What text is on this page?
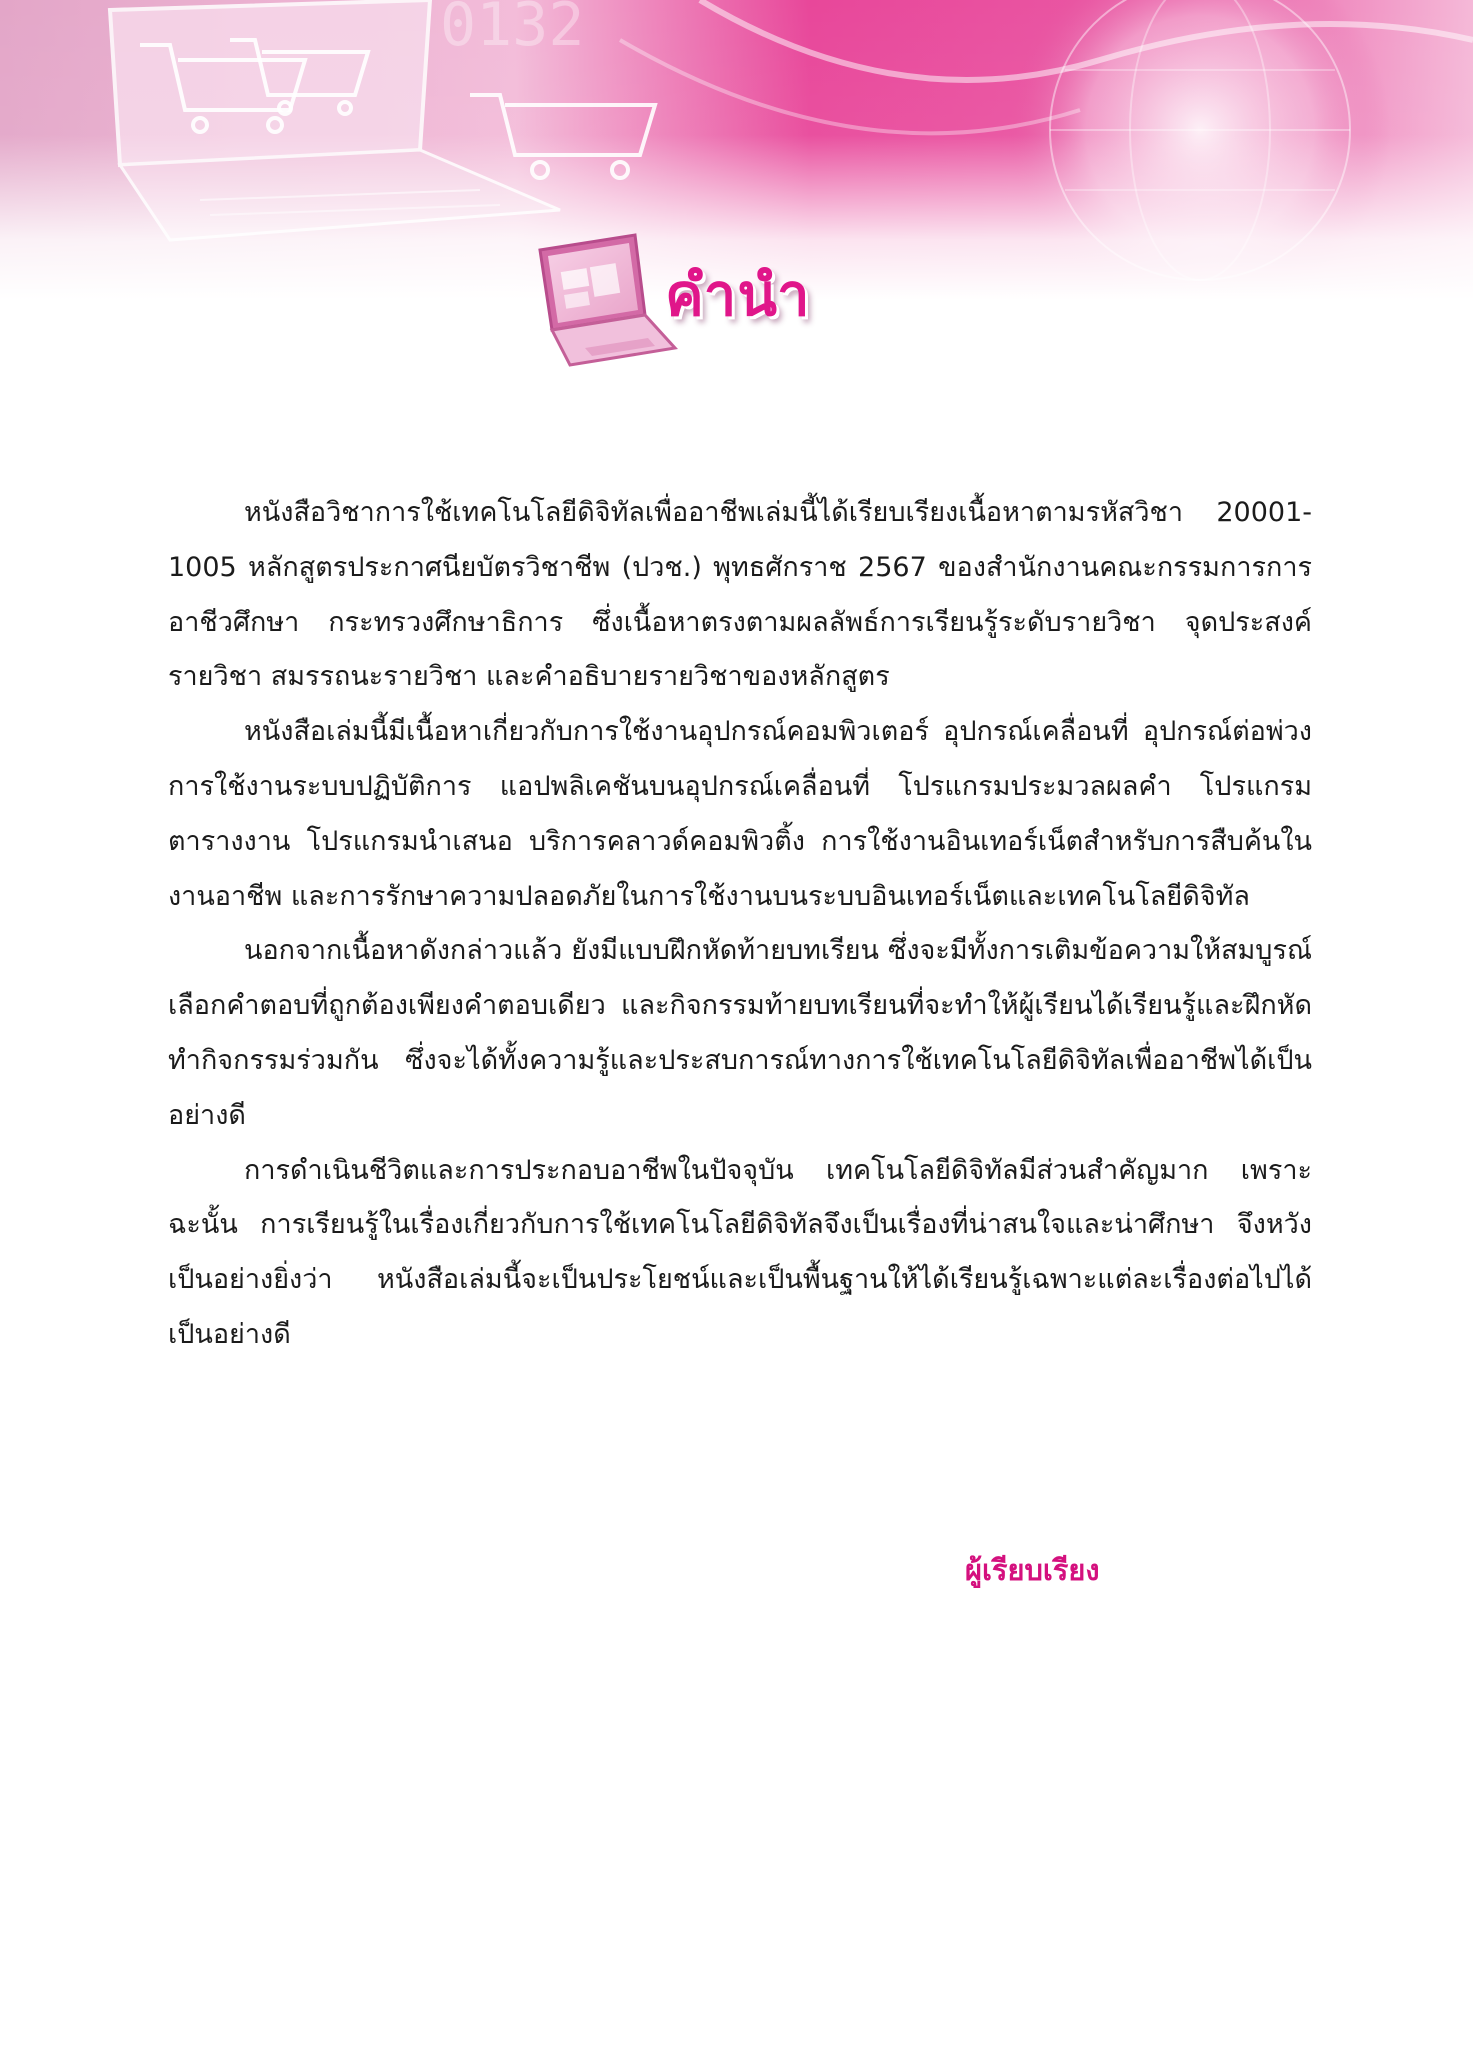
คำนำ

หนังสือวิชาการใช้เทคโนโลยีดิจิทัลเพื่ออาชีพเล่มนี้ได้เรียบเรียงเนื้อหาตามรหัสวิชา 20001-1005 หลักสูตรประกาศนียบัตรวิชาชีพ (ปวช.) พุทธศักราช 2567 ของสำนักงานคณะกรรมการการอาชีวศึกษา กระทรวงศึกษาธิการ ซึ่งเนื้อหาตรงตามผลลัพธ์การเรียนรู้ระดับรายวิชา จุดประสงค์รายวิชา สมรรถนะรายวิชา และคำอธิบายรายวิชาของหลักสูตร

หนังสือเล่มนี้มีเนื้อหาเกี่ยวกับการใช้งานอุปกรณ์คอมพิวเตอร์ อุปกรณ์เคลื่อนที่ อุปกรณ์ต่อพ่วง การใช้งานระบบปฏิบัติการ แอปพลิเคชันบนอุปกรณ์เคลื่อนที่ โปรแกรมประมวลผลคำ โปรแกรมตารางงาน โปรแกรมนำเสนอ บริการคลาวด์คอมพิวติ้ง การใช้งานอินเทอร์เน็ตสำหรับการสืบค้นในงานอาชีพ และการรักษาความปลอดภัยในการใช้งานบนระบบอินเทอร์เน็ตและเทคโนโลยีดิจิทัล

นอกจากเนื้อหาดังกล่าวแล้ว ยังมีแบบฝึกหัดท้ายบทเรียน ซึ่งจะมีทั้งการเติมข้อความให้สมบูรณ์ เลือกคำตอบที่ถูกต้องเพียงคำตอบเดียว และกิจกรรมท้ายบทเรียนที่จะทำให้ผู้เรียนได้เรียนรู้และฝึกหัดทำกิจกรรมร่วมกัน ซึ่งจะได้ทั้งความรู้และประสบการณ์ทางการใช้เทคโนโลยีดิจิทัลเพื่ออาชีพได้เป็นอย่างดี

การดำเนินชีวิตและการประกอบอาชีพในปัจจุบัน เทคโนโลยีดิจิทัลมีส่วนสำคัญมาก เพราะฉะนั้น การเรียนรู้ในเรื่องเกี่ยวกับการใช้เทคโนโลยีดิจิทัลจึงเป็นเรื่องที่น่าสนใจและน่าศึกษา จึงหวังเป็นอย่างยิ่งว่า หนังสือเล่มนี้จะเป็นประโยชน์และเป็นพื้นฐานให้ได้เรียนรู้เฉพาะแต่ละเรื่องต่อไปได้เป็นอย่างดี

ผู้เรียบเรียง
